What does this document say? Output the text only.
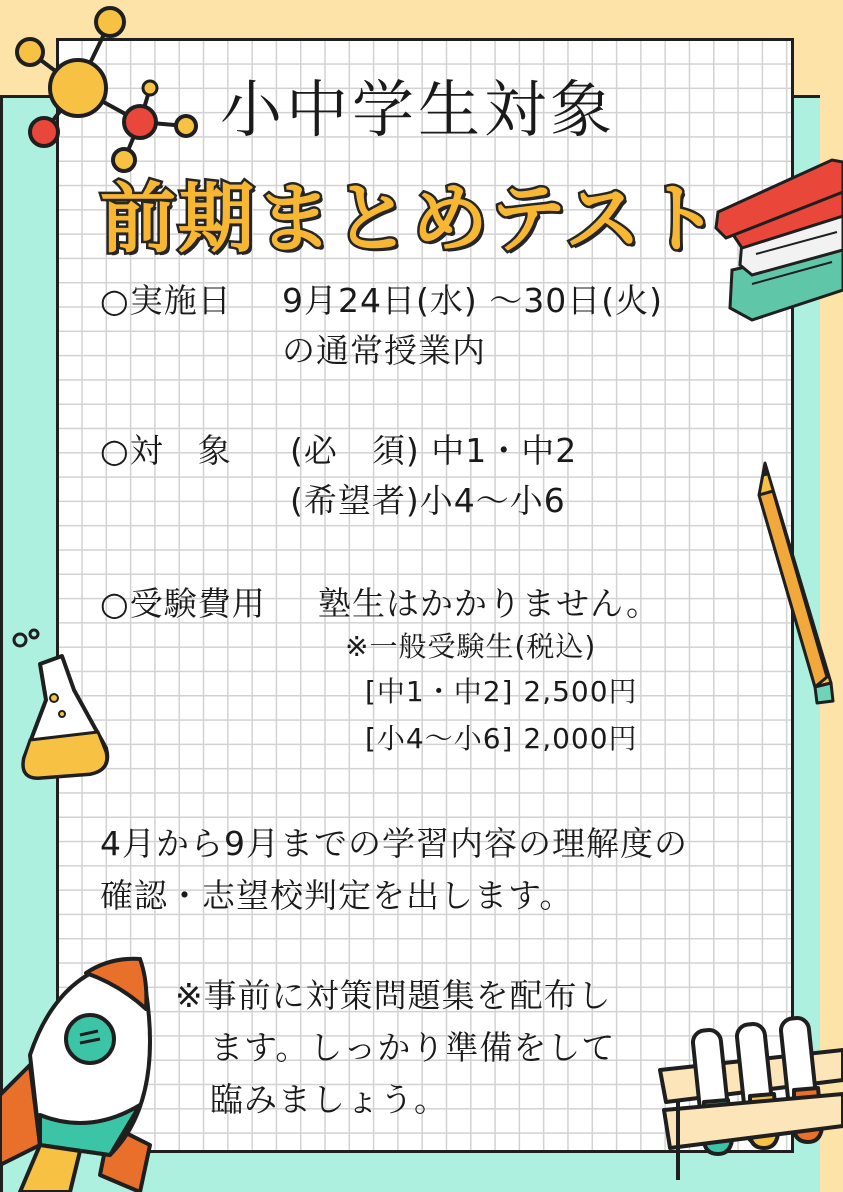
小中学生対象
前期まとめテスト
○実施日 9月24日(水) ～30日(火)
の通常授業内
○対　象 (必　須) 中1・中2
(希望者)小4～小6
○受験費用 塾生はかかりません。
※一般受験生(税込)
[中1・中2] 2,500円
[小4～小6] 2,000円
4月から9月までの学習内容の理解度の
確認・志望校判定を出します。
※事前に対策問題集を配布し
ます。しっかり準備をして
臨みましょう。
